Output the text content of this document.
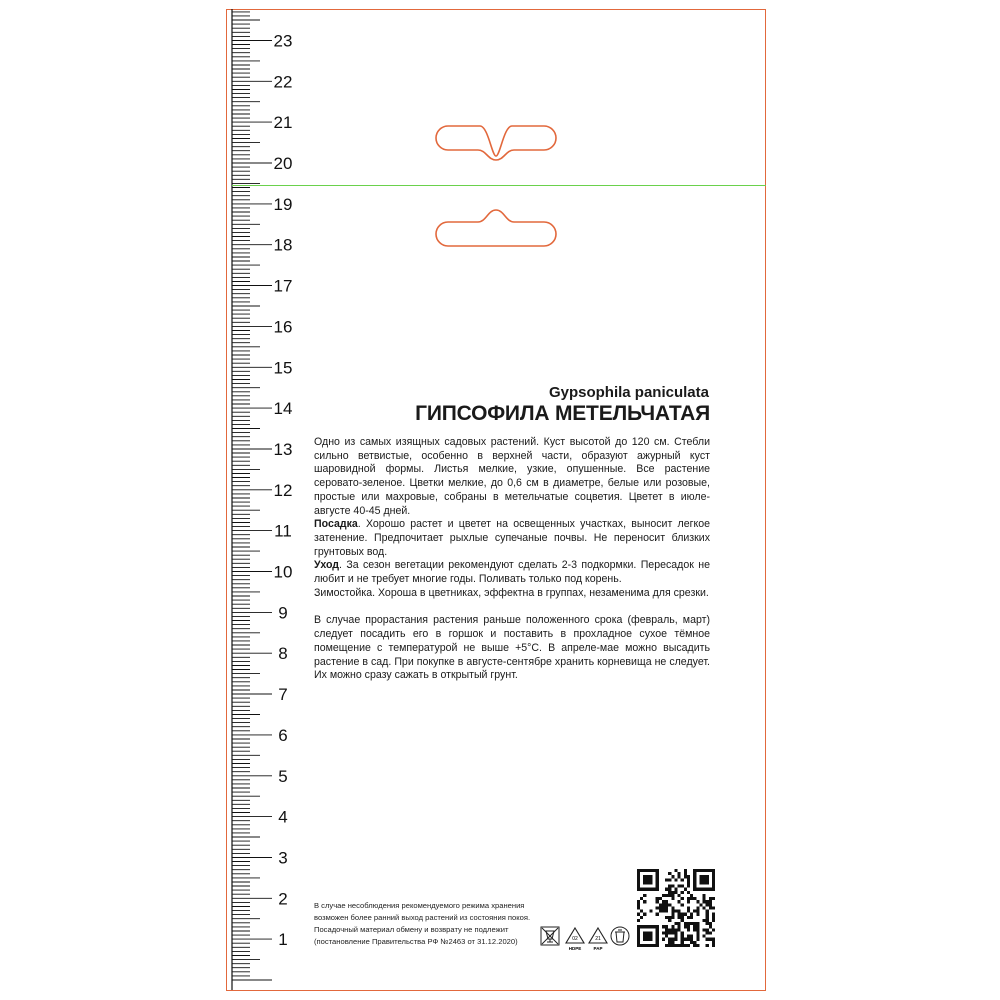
1
2
3
4
5
6
7
8
9
10
11
12
13
14
15
16
17
18
19
20
21
22
23
Gypsophila paniculata
ГИПСОФИЛА МЕТЕЛЬЧАТАЯ

Одно из самых изящных садовых растений. Куст высотой до 120 см. Стебли сильно ветвистые, особенно в верхней части, образуют ажурный куст шаровидной формы. Листья мелкие, узкие, опушенные. Все растение серовато-зеленое. Цветки мелкие, до 0,6 см в диаметре, белые или розовые, простые или махровые, собраны в метельчатые соцветия. Цветет в июле-августе 40-45 дней.

Посадка. Хорошо растет и цветет на освещенных участках, выносит легкое затенение. Предпочитает рыхлые супечаные почвы. Не переносит близких грунтовых вод.

Уход. За сезон вегетации рекомендуют сделать 2-3 подкормки. Пересадок не любит и не требует многие годы. Поливать только под корень.

Зимостойка. Хороша в цветниках, эффектна в группах, незаменима для срезки.

В случае прорастания растения раньше положенного срока (февраль, март) следует посадить его в горшок и поставить в прохладное сухое тёмное помещение с температурой не выше +5°С. В апреле-мае можно высадить растение в сад. При покупке в августе-сентябре хранить корневища не следует. Их можно сразу сажать в открытый грунт.

В случае несоблюдения рекомендуемого режима хранения
возможен более ранний выход растений из состояния покоя.
Посадочный материал обмену и возврату не подлежит
(постановление Правительства РФ №2463 от 31.12.2020)	02
HDPE
21
PAP
